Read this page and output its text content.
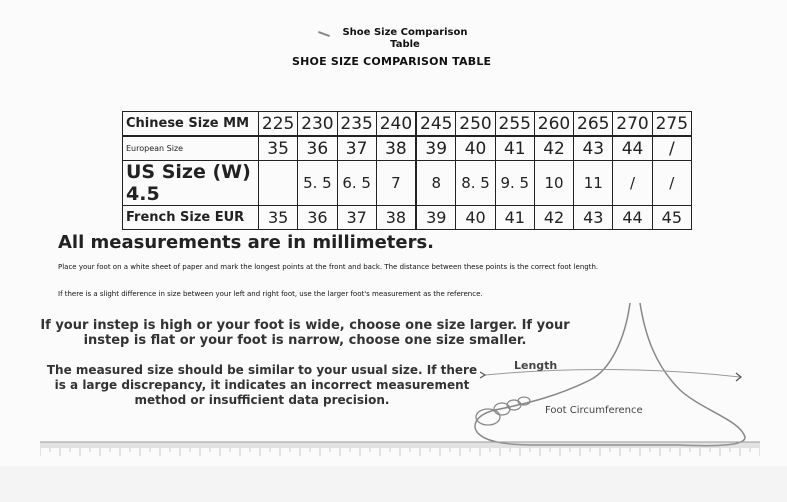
Shoe Size Comparison
Table
SHOE SIZE COMPARISON TABLE
Chinese Size MM	225	230	235	240	245	250	255	260	265	270	275
European Size	35	36	37	38	39	40	41	42	43	44	/
US Size (W) 4.5		5. 5	6. 5	7	8	8. 5	9. 5	10	11	/	/
French Size EUR	35	36	37	38	39	40	41	42	43	44	45
All measurements are in millimeters.
Place your foot on a white sheet of paper and mark the longest points at the front and back. The distance between these points is the correct foot length.
If there is a slight difference in size between your left and right foot, use the larger foot's measurement as the reference.
If your instep is high or your foot is wide, choose one size larger. If your instep is flat or your foot is narrow, choose one size smaller.
The measured size should be similar to your usual size. If there is a large discrepancy, it indicates an incorrect measurement method or insufficient data precision.
Length
Foot Circumference
